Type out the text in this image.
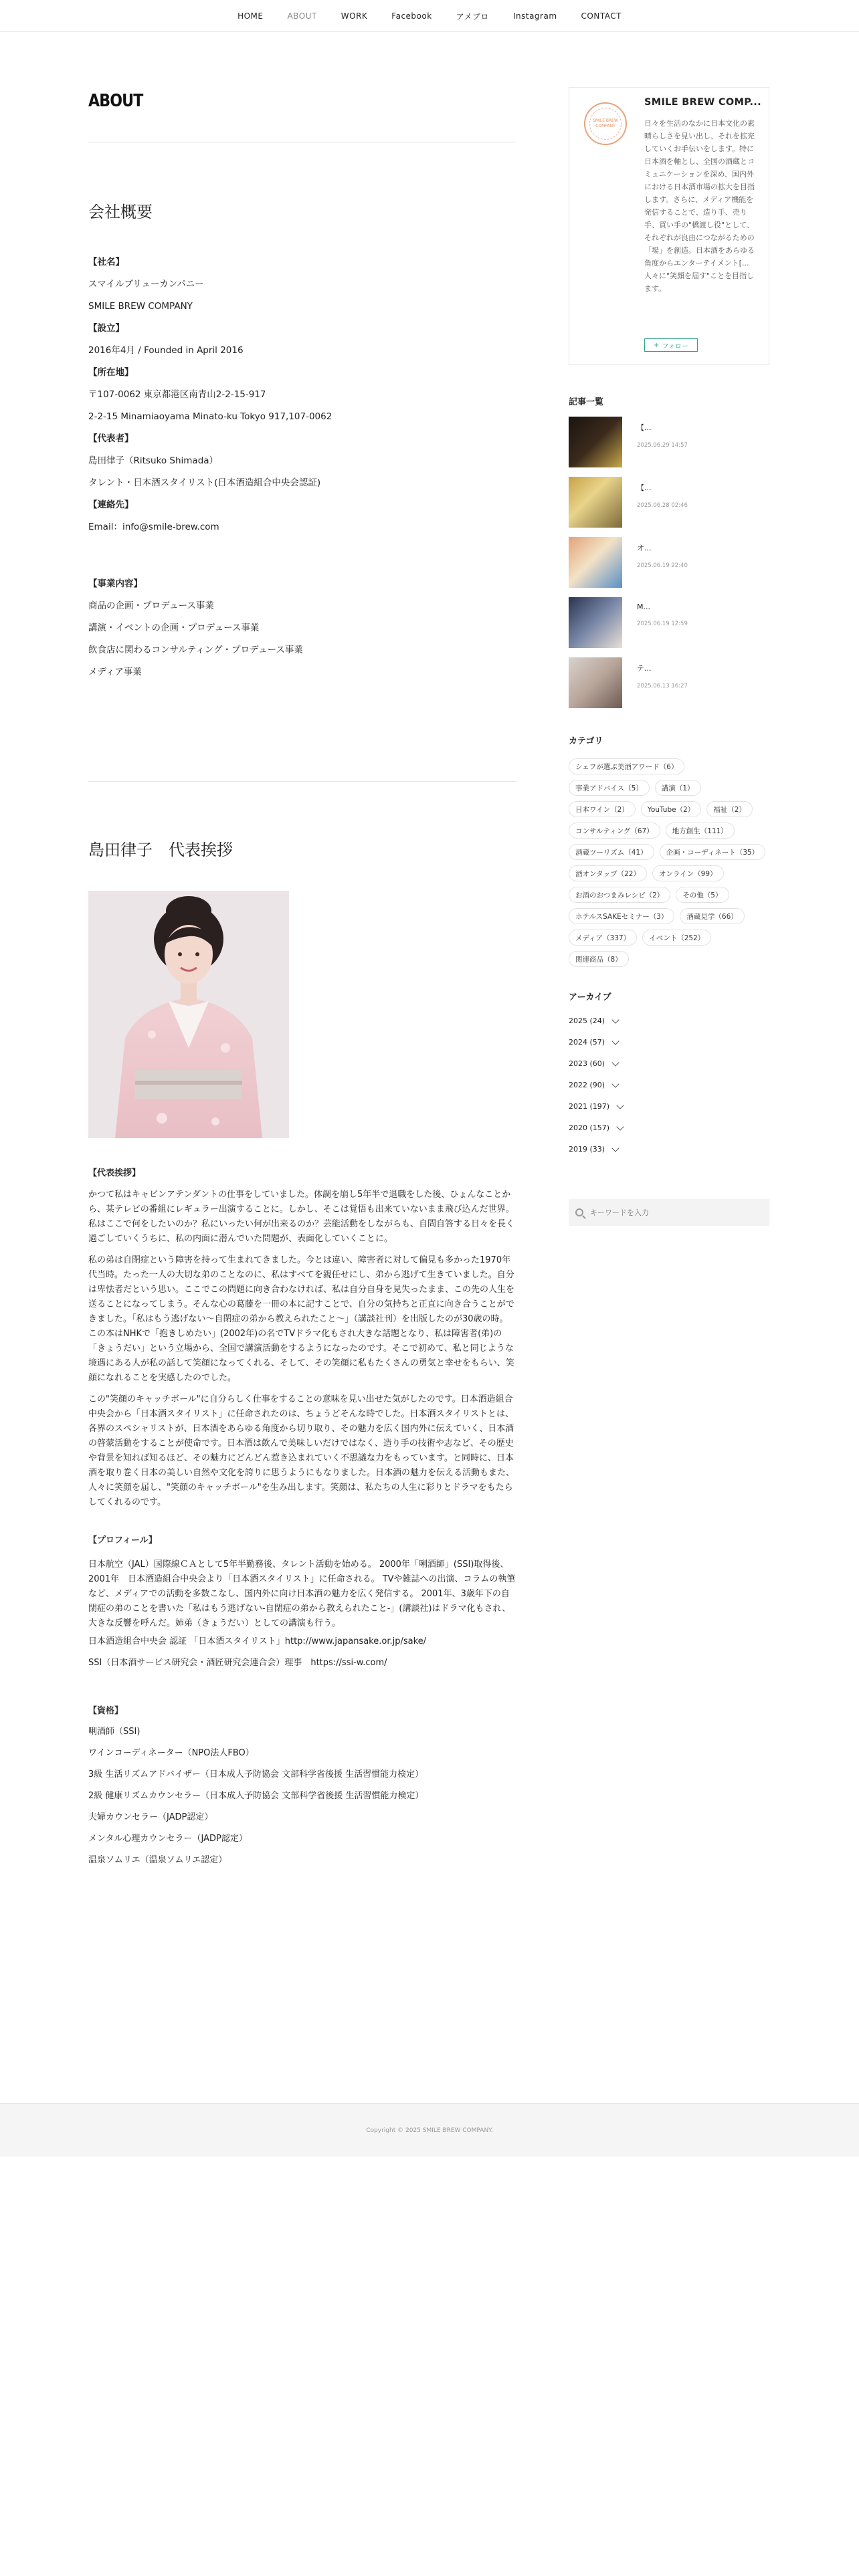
HOME	ABOUT	WORK	Facebook	アメブロ	Instagram	CONTACT
ABOUT
会社概要
【社名】
スマイルブリューカンパニー
SMILE BREW COMPANY
【設立】
2016年4月 / Founded in April 2016
【所在地】
〒107-0062 東京都港区南青山2-2-15-917
2-2-15 Minamiaoyama Minato-ku Tokyo 917,107-0062
【代表者】
島田律子（Ritsuko Shimada）
タレント・日本酒スタイリスト(日本酒造組合中央会認証)
【連絡先】
Email：info@smile-brew.com
【事業内容】
商品の企画・プロデュース事業
講演・イベントの企画・プロデュース事業
飲食店に関わるコンサルティング・プロデュース事業
メディア事業
島田律子　代表挨拶

【代表挨拶】

かつて私はキャビンアテンダントの仕事をしていました。体調を崩し5年半で退職をした後、ひょんなことから、某テレビの番組にレギュラー出演することに。しかし、そこは覚悟も出来ていないまま飛び込んだ世界。私はここで何をしたいのか？私にいったい何が出来るのか？芸能活動をしながらも、自問自答する日々を長く過ごしていくうちに、私の内面に潜んでいた問題が、表面化していくことに。

私の弟は自閉症という障害を持って生まれてきました。今とは違い、障害者に対して偏見も多かった1970年代当時。たった一人の大切な弟のことなのに、私はすべてを親任せにし、弟から逃げて生きていました。自分は卑怯者だという思い。ここでこの問題に向き合わなければ、私は自分自身を見失ったまま、この先の人生を送ることになってしまう。そんな心の葛藤を一冊の本に記すことで、自分の気持ちと正直に向き合うことができました。「私はもう逃げない～自閉症の弟から教えられたこと～」（講談社刊）を出版したのが30歳の時。この本はNHKで「抱きしめたい」(2002年)の名でTVドラマ化もされ大きな話題となり、私は障害者(弟)の「きょうだい」という立場から、全国で講演活動をするようになったのです。そこで初めて、私と同じような境遇にある人が私の話して笑顔になってくれる、そして、その笑顔に私もたくさんの勇気と幸せをもらい、笑顔になれることを実感したのでした。

この"笑顔のキャッチボール"に自分らしく仕事をすることの意味を見い出せた気がしたのです。日本酒造組合中央会から「日本酒スタイリスト」に任命されたのは、ちょうどそんな時でした。日本酒スタイリストとは、各界のスペシャリストが、日本酒をあらゆる角度から切り取り、その魅力を広く国内外に伝えていく、日本酒の啓蒙活動をすることが使命です。日本酒は飲んで美味しいだけではなく、造り手の技術や志など、その歴史や背景を知れば知るほど、その魅力にどんどん惹き込まれていく不思議な力をもっています。と同時に、日本酒を取り巻く日本の美しい自然や文化を誇りに思うようにもなりました。日本酒の魅力を伝える活動もまた、人々に笑顔を届し、"笑顔のキャッチボール"を生み出します。笑顔は、私たちの人生に彩りとドラマをもたらしてくれるのです。

【プロフィール】
日本航空（JAL）国際線ＣＡとして5年半勤務後、タレント活動を始める。 2000年「唎酒師」(SSI)取得後、2001年　日本酒造組合中央会より「日本酒スタイリスト」に任命される。 TVや雑誌への出演、コラムの執筆など、メディアでの活動を多数こなし、国内外に向け日本酒の魅力を広く発信する。 2001年、3歳年下の自閉症の弟のことを書いた「私はもう逃げない-自閉症の弟から教えられたこと-」(講談社)はドラマ化もされ、大きな反響を呼んだ。姉弟（きょうだい）としての講演も行う。
日本酒造組合中央会 認証 「日本酒スタイリスト」http://www.japansake.or.jp/sake/
SSI（日本酒サービス研究会・酒匠研究会連合会）理事　https://ssi-w.com/
【資格】
唎酒師（SSI)
ワインコーディネーター（NPO法人FBO）
3級 生活リズムアドバイザー（日本成人予防協会 文部科学省後援 生活習慣能力検定）
2級 健康リズムカウンセラー（日本成人予防協会 文部科学省後援 生活習慣能力検定）
夫婦カウンセラー（JADP認定）
メンタル心理カウンセラー（JADP認定）
温泉ソムリエ（温泉ソムリエ認定）
SMILE BREW COMPANY
SMILE BREW COMP...
日々を生活のなかに日本文化の素晴らしさを見い出し、それを拡充していくお手伝いをします。特に日本酒を軸とし、全国の酒蔵とコミュニケーションを深め、国内外における日本酒市場の拡大を目指します。さらに、メディア機能を発信することで、造り手、売り手、買い手の"橋渡し役"として、それぞれが良由につながるための「場」を創造。日本酒をあらゆる角度からエンターテイメント[... 人々に"笑顔を届す"ことを目指します。
+ フォロー
記事一覧
【...
2025.06.29 14:57
【...
2025.06.28 02:46
オ...
2025.06.19 22:40
M...
2025.06.19 12:59
テ...
2025.06.13 16:27
カテゴリ
シェフが選ぶ美酒アワード（6）
事業アドバイス（5）	講演（1）
日本ワイン（2）	YouTube（2）	福祉（2）
コンサルティング（67）	地方創生（111）
酒蔵ツーリズム（41）	企画・コーディネート（35）
酒オンタップ（22）	オンライン（99）
お酒のおつまみレシピ（2）	その他（5）
ホテルスSAKEセミナー（3）	酒蔵見学（66）
メディア（337）	イベント（252）
関連商品（8）
アーカイブ
2025 (24)
2024 (57)
2023 (60)
2022 (90)
2021 (197)
2020 (157)
2019 (33)
キーワードを入力
Copyright © 2025 SMILE BREW COMPANY.
